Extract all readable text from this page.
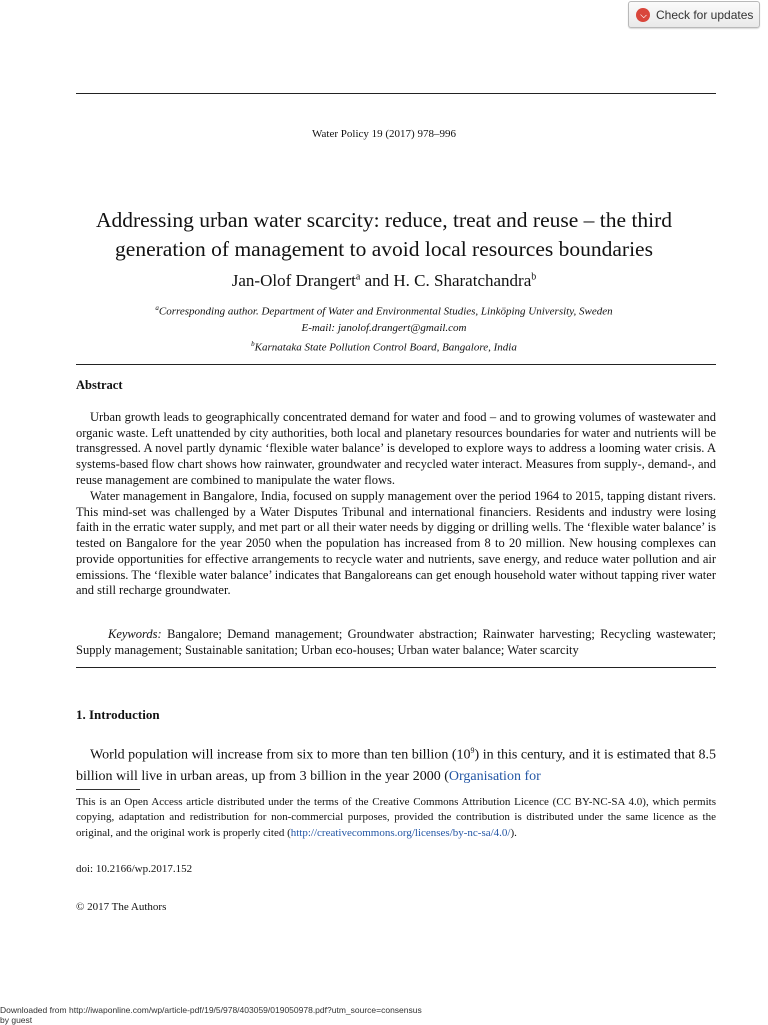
Check for updates
Water Policy 19 (2017) 978–996
Addressing urban water scarcity: reduce, treat and reuse – the third
generation of management to avoid local resources boundaries
Jan-Olof Drangert$^a$ and H. C. Sharatchandra$^b$
$^a$Corresponding author. Department of Water and Environmental Studies, Linköping University, Sweden
E-mail: janolof.drangert@gmail.com
$^b$Karnataka State Pollution Control Board, Bangalore, India
Abstract
Urban growth leads to geographically concentrated demand for water and food – and to growing volumes of wastewater and organic waste. Left unattended by city authorities, both local and planetary resources boundaries for water and nutrients will be transgressed. A novel partly dynamic ‘flexible water balance’ is developed to explore ways to address a looming water crisis. A systems-based flow chart shows how rainwater, groundwater and recycled water interact. Measures from supply-, demand-, and reuse management are combined to manipulate the water flows.
Water management in Bangalore, India, focused on supply management over the period 1964 to 2015, tapping distant rivers. This mind-set was challenged by a Water Disputes Tribunal and international financiers. Residents and industry were losing faith in the erratic water supply, and met part or all their water needs by digging or drilling wells. The ‘flexible water balance’ is tested on Bangalore for the year 2050 when the population has increased from 8 to 20 million. New housing complexes can provide opportunities for effective arrangements to recycle water and nutrients, save energy, and reduce water pollution and air emissions. The ‘flexible water balance’ indicates that Bangaloreans can get enough household water without tapping river water and still recharge groundwater.
Keywords: Bangalore; Demand management; Groundwater abstraction; Rainwater harvesting; Recycling wastewater; Supply management; Sustainable sanitation; Urban eco-houses; Urban water balance; Water scarcity
1. Introduction
World population will increase from six to more than ten billion $(10^9)$ in this century, and it is estimated that 8.5 billion will live in urban areas, up from 3 billion in the year 2000 (Organisation for
This is an Open Access article distributed under the terms of the Creative Commons Attribution Licence (CC BY-NC-SA 4.0), which permits copying, adaptation and redistribution for non-commercial purposes, provided the contribution is distributed under the same licence as the original, and the original work is properly cited (http://creativecommons.org/licenses/by-nc-sa/4.0/).
doi: 10.2166/wp.2017.152
© 2017 The Authors
Downloaded from http://iwaponline.com/wp/article-pdf/19/5/978/403059/019050978.pdf?utm_source=consensus
by guest
